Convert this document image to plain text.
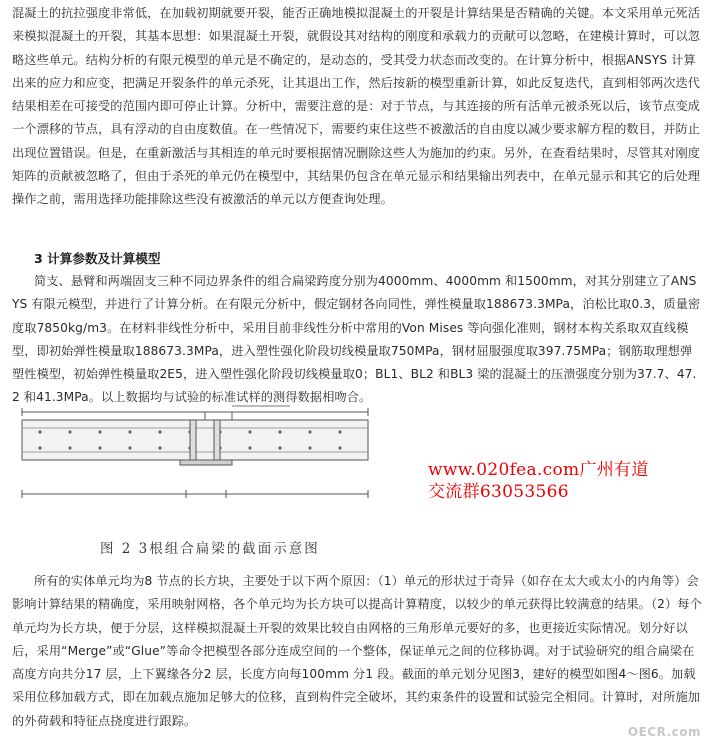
混凝土的抗拉强度非常低，在加载初期就要开裂，能否正确地模拟混凝土的开裂是计算结果是否精确的关键。本文采用单元死活来模拟混凝土的开裂，其基本思想：如果混凝土开裂，就假设其对结构的刚度和承载力的贡献可以忽略，在建模计算时，可以忽略这些单元。结构分析的有限元模型的单元是不确定的，是动态的，受其受力状态而改变的。在计算分析中，根据ANSYS 计算出来的应力和应变，把满足开裂条件的单元杀死，让其退出工作，然后按新的模型重新计算，如此反复迭代，直到相邻两次迭代结果相差在可接受的范围内即可停止计算。分析中，需要注意的是：对于节点，与其连接的所有活单元被杀死以后，该节点变成一个漂移的节点，具有浮动的自由度数值。在一些情况下，需要约束住这些不被激活的自由度以减少要求解方程的数目，并防止出现位置错误。但是，在重新激活与其相连的单元时要根据情况删除这些人为施加的约束。另外，在查看结果时，尽管其对刚度矩阵的贡献被忽略了，但由于杀死的单元仍在模型中，其结果仍包含在单元显示和结果输出列表中，在单元显示和其它的后处理操作之前，需用选择功能排除这些没有被激活的单元以方便查询处理。

3 计算参数及计算模型

简支、悬臂和两端固支三种不同边界条件的组合扁梁跨度分别为4000mm、4000mm 和1500mm，对其分别建立了ANSYS 有限元模型，并进行了计算分析。在有限元分析中，假定钢材各向同性，弹性模量取188673.3MPa，泊松比取0.3，质量密度取7850kg/m3。在材料非线性分析中，采用目前非线性分析中常用的Von Mises 等向强化准则，钢材本构关系取双直线模型，即初始弹性模量取188673.3MPa，进入塑性强化阶段切线模量取750MPa，钢材屈服强度取397.75MPa；钢筋取理想弹塑性模型，初始弹性模量取2E5，进入塑性强化阶段切线模量取0；BL1、BL2 和BL3 梁的混凝土的压溃强度分别为37.7、47.2 和41.3MPa。以上数据均与试验的标准试样的测得数据相吻合。

www.020fea.com广州有道
交流群63053566
图 2 3根组合扁梁的截面示意图

所有的实体单元均为8 节点的长方块，主要处于以下两个原因：（1）单元的形状过于奇异（如存在太大或太小的内角等）会影响计算结果的精确度，采用映射网格，各个单元均为长方块可以提高计算精度，以较少的单元获得比较满意的结果。（2）每个单元均为长方块，便于分层，这样模拟混凝土开裂的效果比较自由网格的三角形单元要好的多，也更接近实际情况。划分好以后，采用“Merge”或“Glue”等命令把模型各部分连成空间的一个整体，保证单元之间的位移协调。对于试验研究的组合扁梁在高度方向共分17 层，上下翼缘各分2 层，长度方向每100mm 分1 段。截面的单元划分见图3，建好的模型如图4～图6。加载采用位移加载方式，即在加载点施加足够大的位移，直到构件完全破坏，其约束条件的设置和试验完全相同。计算时，对所施加的外荷载和特征点挠度进行跟踪。

OECR.com
